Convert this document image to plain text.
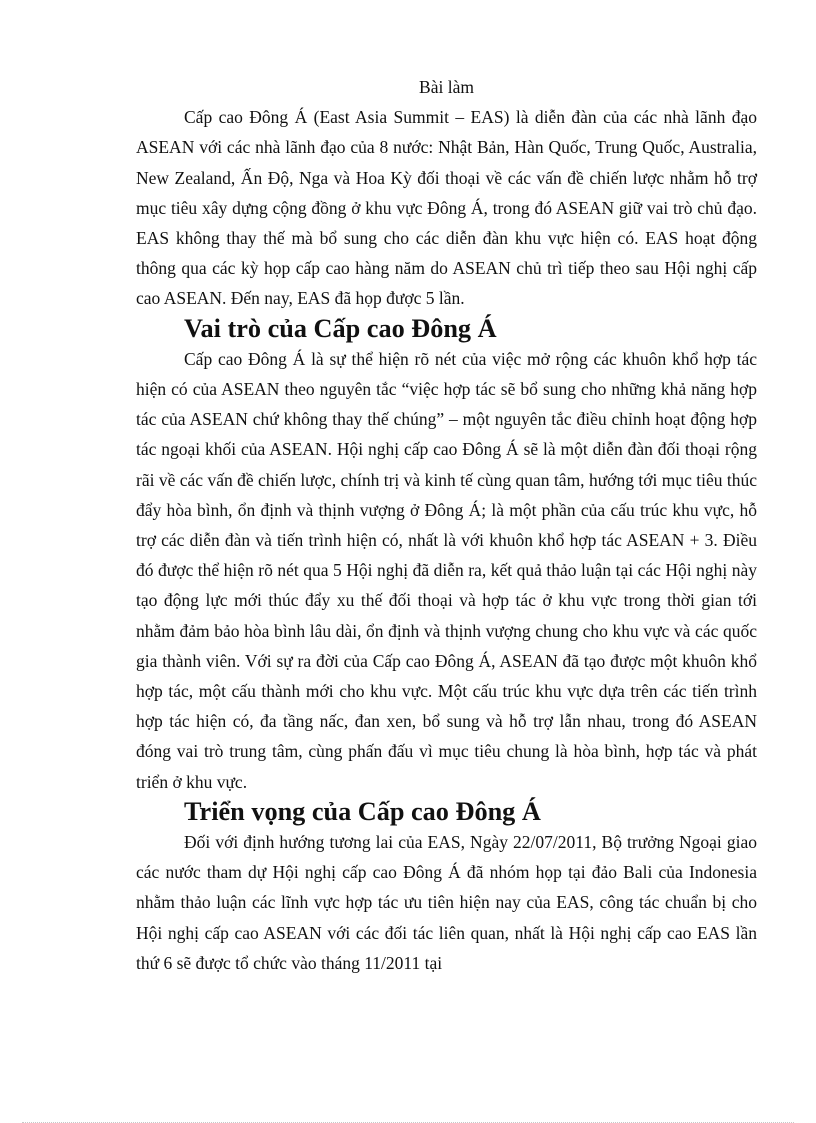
Bài làm

Cấp cao Đông Á (East Asia Summit – EAS) là diễn đàn của các nhà lãnh đạo ASEAN với các nhà lãnh đạo của 8 nước: Nhật Bản, Hàn Quốc, Trung Quốc, Australia, New Zealand, Ấn Độ, Nga và Hoa Kỳ đối thoại về các vấn đề chiến lược nhằm hỗ trợ mục tiêu xây dựng cộng đồng ở khu vực Đông Á, trong đó ASEAN giữ vai trò chủ đạo. EAS không thay thế mà bổ sung cho các diễn đàn khu vực hiện có. EAS hoạt động thông qua các kỳ họp cấp cao hàng năm do ASEAN chủ trì tiếp theo sau Hội nghị cấp cao ASEAN. Đến nay, EAS đã họp được 5 lần.

Vai trò của Cấp cao Đông Á

Cấp cao Đông Á là sự thể hiện rõ nét của việc mở rộng các khuôn khổ hợp tác hiện có của ASEAN theo nguyên tắc “việc hợp tác sẽ bổ sung cho những khả năng hợp tác của ASEAN chứ không thay thế chúng” – một nguyên tắc điều chỉnh hoạt động hợp tác ngoại khối của ASEAN. Hội nghị cấp cao Đông Á sẽ là một diễn đàn đối thoại rộng rãi về các vấn đề chiến lược, chính trị và kinh tế cùng quan tâm, hướng tới mục tiêu thúc đẩy hòa bình, ổn định và thịnh vượng ở Đông Á; là một phần của cấu trúc khu vực, hỗ trợ các diễn đàn và tiến trình hiện có, nhất là với khuôn khổ hợp tác ASEAN + 3. Điều đó được thể hiện rõ nét qua 5 Hội nghị đã diễn ra, kết quả thảo luận tại các Hội nghị này tạo động lực mới thúc đẩy xu thế đối thoại và hợp tác ở khu vực trong thời gian tới nhằm đảm bảo hòa bình lâu dài, ổn định và thịnh vượng chung cho khu vực và các quốc gia thành viên. Với sự ra đời của Cấp cao Đông Á, ASEAN đã tạo được một khuôn khổ hợp tác, một cấu thành mới cho khu vực. Một cấu trúc khu vực dựa trên các tiến trình hợp tác hiện có, đa tầng nấc, đan xen, bổ sung và hỗ trợ lẫn nhau, trong đó ASEAN đóng vai trò trung tâm, cùng phấn đấu vì mục tiêu chung là hòa bình, hợp tác và phát triển ở khu vực.

Triển vọng của Cấp cao Đông Á

Đối với định hướng tương lai của EAS, Ngày 22/07/2011, Bộ trưởng Ngoại giao các nước tham dự Hội nghị cấp cao Đông Á đã nhóm họp tại đảo Bali của Indonesia nhằm thảo luận các lĩnh vực hợp tác ưu tiên hiện nay của EAS, công tác chuẩn bị cho Hội nghị cấp cao ASEAN với các đối tác liên quan, nhất là Hội nghị cấp cao EAS lần thứ 6 sẽ được tổ chức vào tháng 11/2011 tại
